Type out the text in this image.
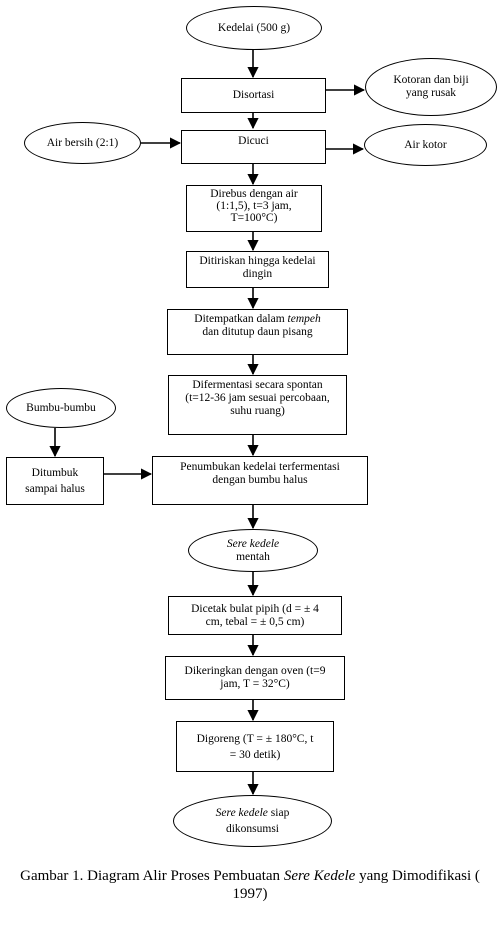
Kedelai (500 g)
Disortasi
Kotoran dan biji
yang rusak
Air bersih (2:1)	Dicuci	Air kotor
Direbus dengan air
(1:1,5), t=3 jam,
T=100°C)
Ditiriskan hingga kedelai
dingin
Ditempatkan dalam tempeh
dan ditutup daun pisang
Difermentasi secara spontan
(t=12-36 jam sesuai percobaan,
suhu ruang)
Bumbu-bumbu
Ditumbuk
sampai halus
Penumbukan kedelai terfermentasi
dengan bumbu halus
Sere kedele
mentah
Dicetak bulat pipih (d = ± 4
cm, tebal = ± 0,5 cm)
Dikeringkan dengan oven (t=9
jam, T = 32°C)
Digoreng (T = ± 180°C, t
= 30 detik)
Sere kedele siap
dikonsumsi
Gambar 1. Diagram Alir Proses Pembuatan Sere Kedele yang Dimodifikasi (
1997)
